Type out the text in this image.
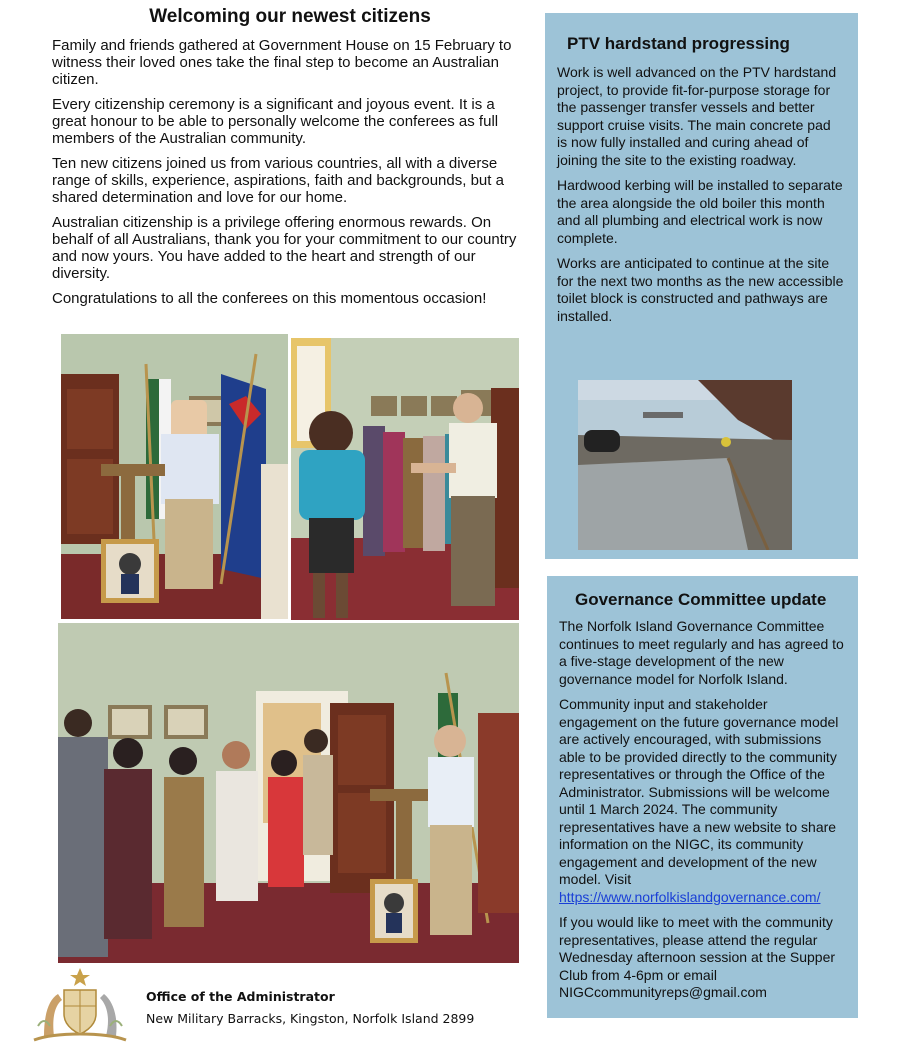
Welcoming our newest citizens

Family and friends gathered at Government House on 15 February to witness their loved ones take the final step to become an Australian citizen.

Every citizenship ceremony is a significant and joyous event. It is a great honour to be able to personally welcome the conferees as full members of the Australian community.

Ten new citizens joined us from various countries, all with a diverse range of skills, experience, aspirations, faith and backgrounds, but a shared determination and love for our home.

Australian citizenship is a privilege offering enormous rewards. On behalf of all Australians, thank you for your commitment to our country and now yours. You have added to the heart and strength of our diversity.

Congratulations to all the conferees on this momentous occasion!

Office of the Administrator
New Military Barracks, Kingston, Norfolk Island 2899
PTV hardstand progressing

Work is well advanced on the PTV hardstand project, to provide fit-for-purpose storage for the passenger transfer vessels and better support cruise visits. The main concrete pad is now fully installed and curing ahead of joining the site to the existing roadway.

Hardwood kerbing will be installed to separate the area alongside the old boiler this month and all plumbing and electrical work is now complete.

Works are anticipated to continue at the site for the next two months as the new accessible toilet block is constructed and pathways are installed.

Governance Committee update

The Norfolk Island Governance Committee continues to meet regularly and has agreed to a five-stage development of the new governance model for Norfolk Island.

Community input and stakeholder engagement on the future governance model are actively encouraged, with submissions able to be provided directly to the community representatives or through the Office of the Administrator. Submissions will be welcome until 1 March 2024. The community representatives have a new website to share information on the NIGC, its community engagement and development of the new model. Visit https://www.norfolkislandgovernance.com/

If you would like to meet with the community representatives, please attend the regular Wednesday afternoon session at the Supper Club from 4-6pm or email NIGCcommunityreps@gmail.com
